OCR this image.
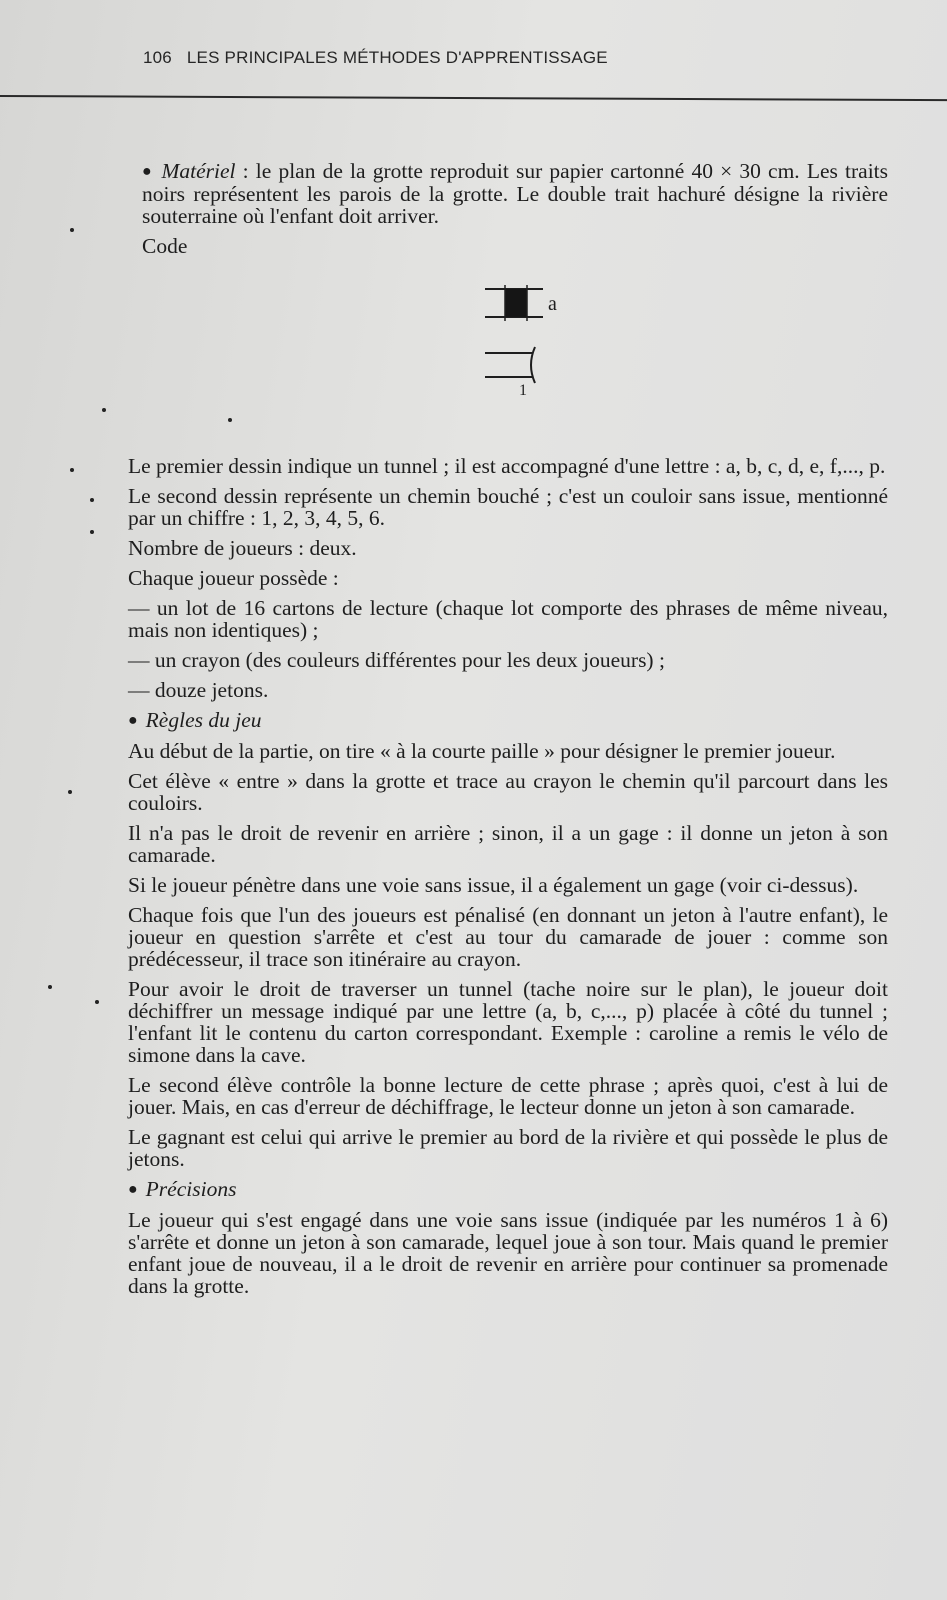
106 LES PRINCIPALES MÉTHODES D'APPRENTISSAGE

● Matériel : le plan de la grotte reproduit sur papier cartonné 40 × 30 cm. Les traits noirs représentent les parois de la grotte. Le double trait hachuré désigne la rivière souterraine où l'enfant doit arriver.

Code

a
1

Le premier dessin indique un tunnel ; il est accompagné d'une lettre : a, b, c, d, e, f,..., p.

Le second dessin représente un chemin bouché ; c'est un couloir sans issue, mentionné par un chiffre : 1, 2, 3, 4, 5, 6.

Nombre de joueurs : deux.

Chaque joueur possède :

— un lot de 16 cartons de lecture (chaque lot comporte des phrases de même niveau, mais non identiques) ;

— un crayon (des couleurs différentes pour les deux joueurs) ;

— douze jetons.

● Règles du jeu

Au début de la partie, on tire « à la courte paille » pour désigner le premier joueur.

Cet élève « entre » dans la grotte et trace au crayon le chemin qu'il parcourt dans les couloirs.

Il n'a pas le droit de revenir en arrière ; sinon, il a un gage : il donne un jeton à son camarade.

Si le joueur pénètre dans une voie sans issue, il a également un gage (voir ci-dessus).

Chaque fois que l'un des joueurs est pénalisé (en donnant un jeton à l'autre enfant), le joueur en question s'arrête et c'est au tour du camarade de jouer : comme son prédécesseur, il trace son itinéraire au crayon.

Pour avoir le droit de traverser un tunnel (tache noire sur le plan), le joueur doit déchiffrer un message indiqué par une lettre (a, b, c,..., p) placée à côté du tunnel ; l'enfant lit le contenu du carton correspondant. Exemple : caroline a remis le vélo de simone dans la cave.

Le second élève contrôle la bonne lecture de cette phrase ; après quoi, c'est à lui de jouer. Mais, en cas d'erreur de déchiffrage, le lecteur donne un jeton à son camarade.

Le gagnant est celui qui arrive le premier au bord de la rivière et qui possède le plus de jetons.

● Précisions

Le joueur qui s'est engagé dans une voie sans issue (indiquée par les numéros 1 à 6) s'arrête et donne un jeton à son camarade, lequel joue à son tour. Mais quand le premier enfant joue de nouveau, il a le droit de revenir en arrière pour continuer sa promenade dans la grotte.
